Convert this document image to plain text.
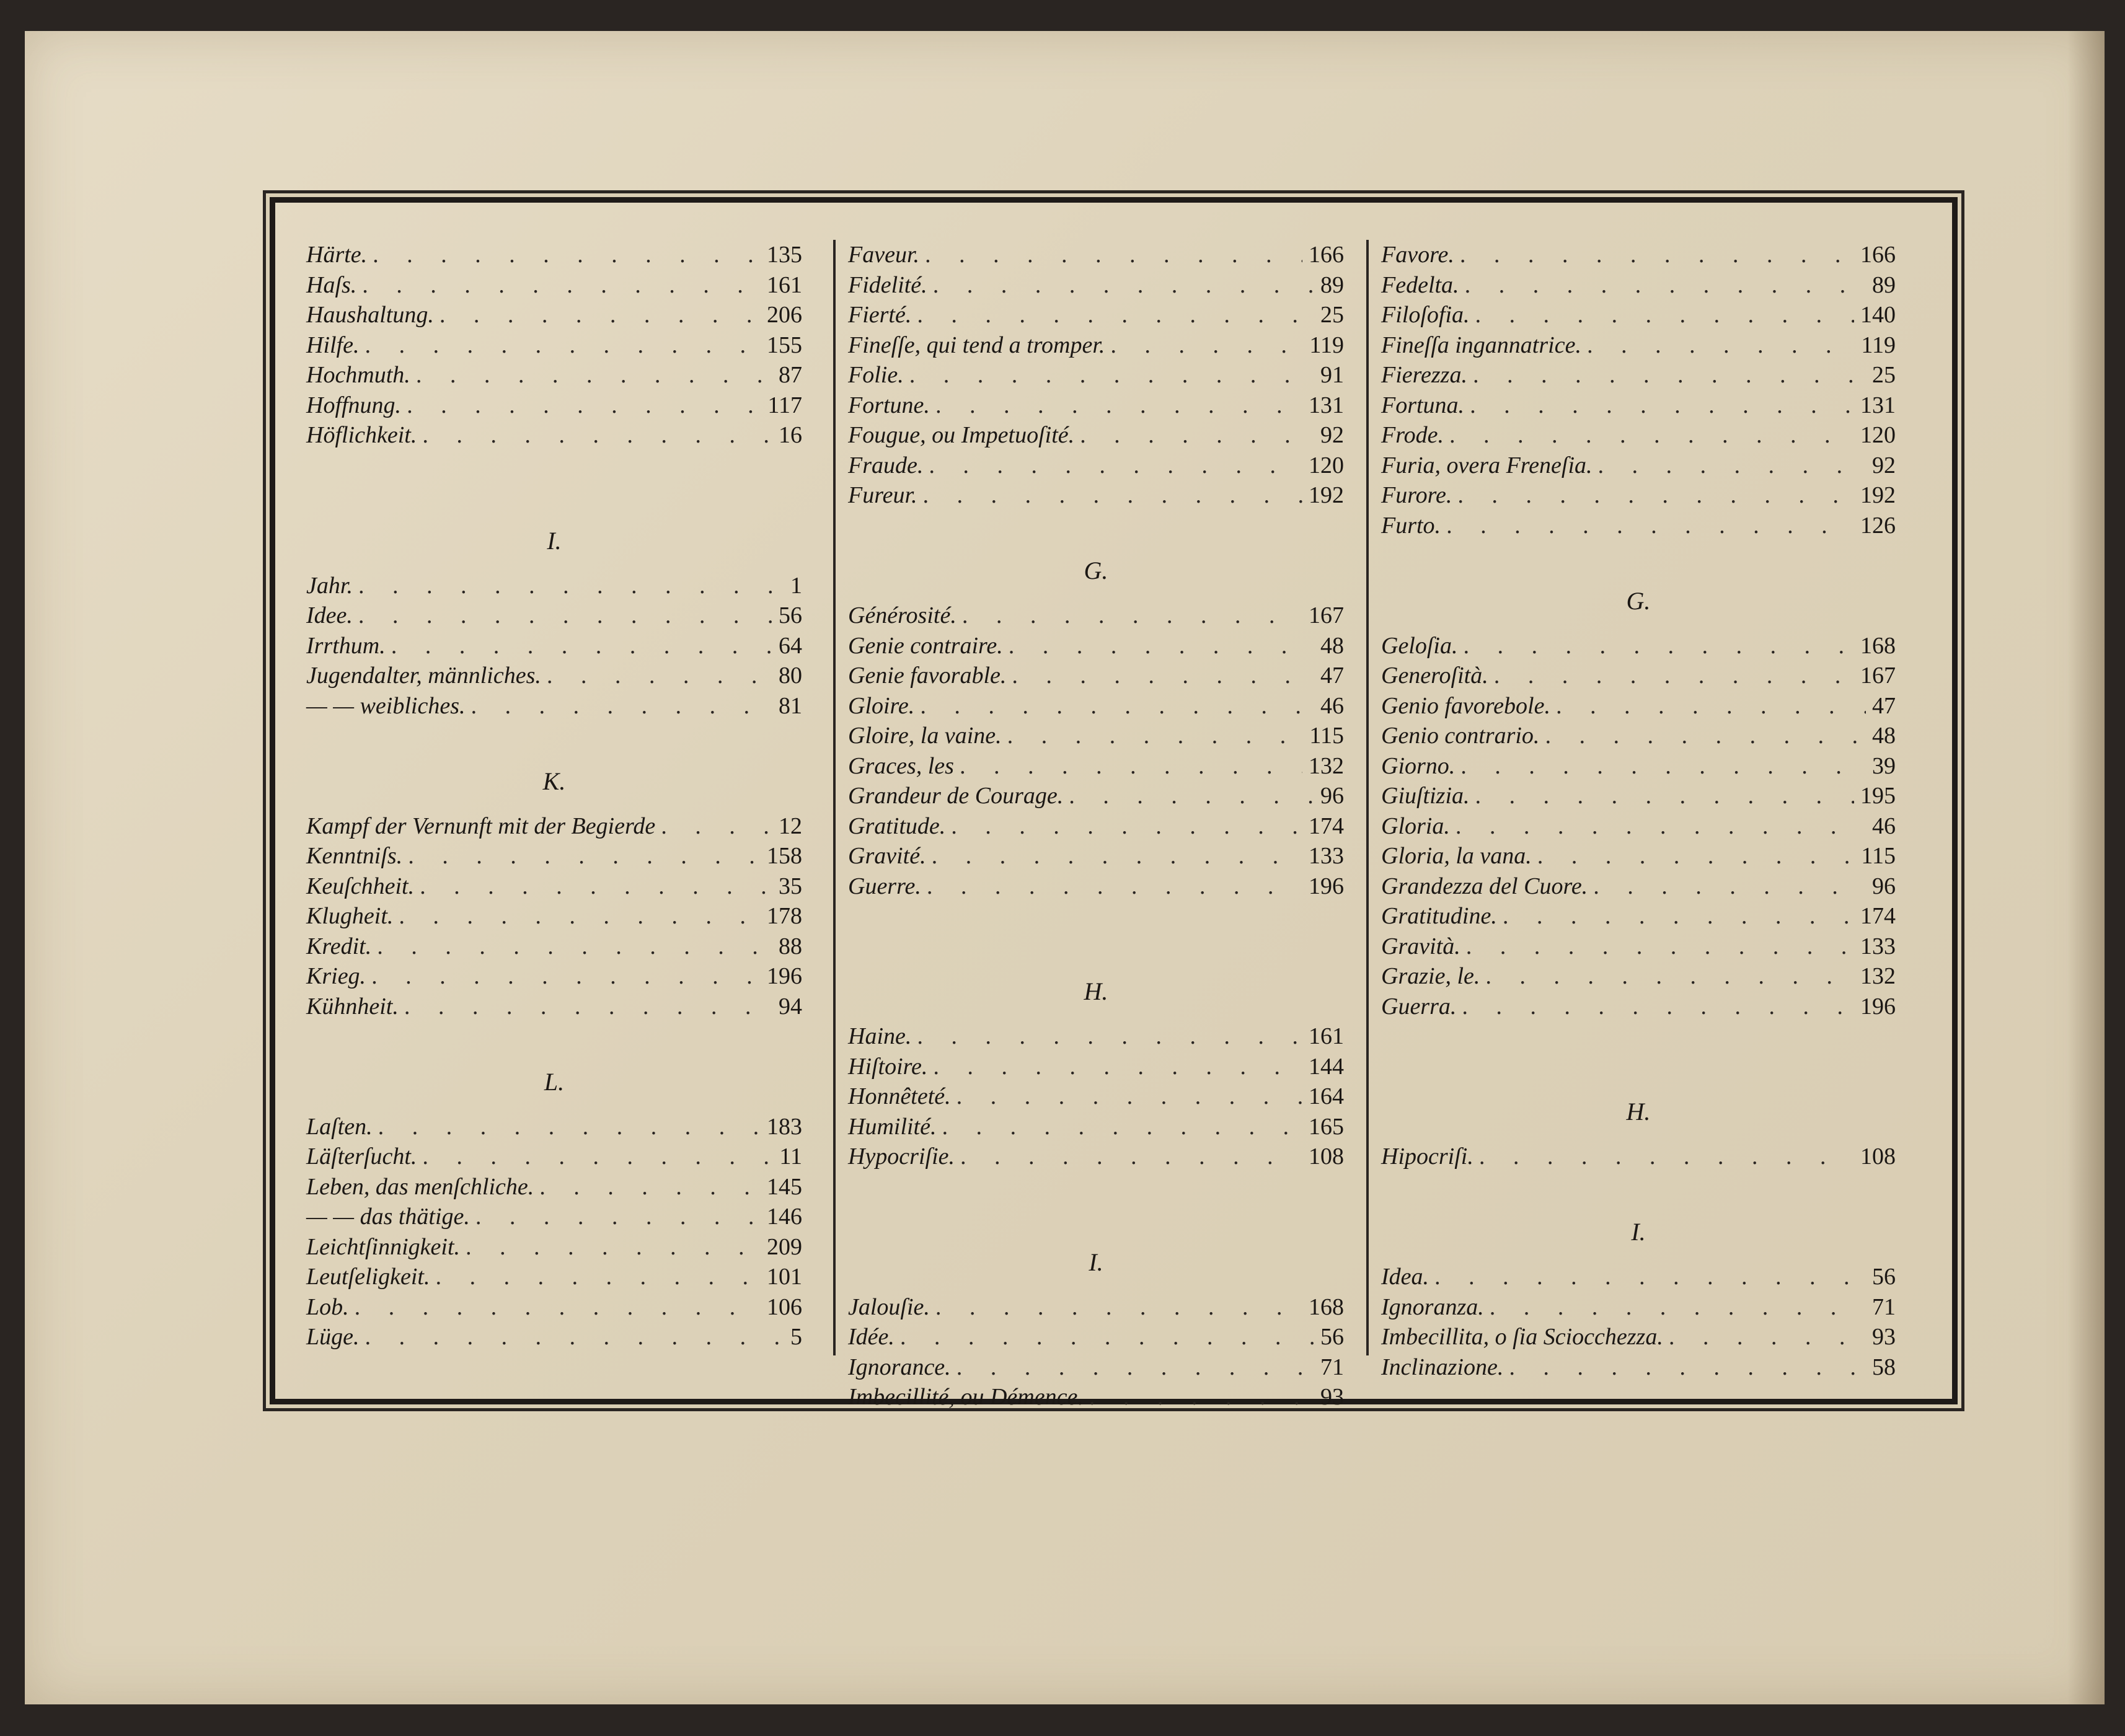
Härte. . . .	135
Haſs. . . .	161
Haushaltung. . . .	206
Hilfe. . . .	155
Hochmuth. . . .	87
Hoffnung. . . .	117
Höflichkeit. . . .	16
I.
Jahr. . . .	1
Idee. . . .	56
Irrthum. . . .	64
Jugendalter, männliches. . . .	80
— — weibliches. . . .	81
K.
Kampf der Vernunft mit der Begierde . . .	12
Kenntniſs. . . .	158
Keuſchheit. . . .	35
Klugheit. . . .	178
Kredit. . . .	88
Krieg. . . .	196
Kühnheit. . . .	94
L.
Laſten. . . .	183
Läſterſucht. . . .	11
Leben, das menſchliche. . . .	145
— — das thätige. . . .	146
Leichtſinnigkeit. . . .	209
Leutſeligkeit. . . .	101
Lob. . . .	106
Lüge. . . .	5
Faveur. . . .	166
Fidelité. . . .	89
Fierté. . . .	25
Fineſſe, qui tend a tromper. . . .	119
Folie. . . .	91
Fortune. . . .	131
Fougue, ou Impetuoſité. . . .	92
Fraude. . . .	120
Fureur. . . .	192
G.
Générosité. . . .	167
Genie contraire. . . .	48
Genie favorable. . . .	47
Gloire. . . .	46
Gloire, la vaine. . . .	115
Graces, les . . .	132
Grandeur de Courage. . . .	96
Gratitude. . . .	174
Gravité. . . .	133
Guerre. . . .	196
H.
Haine. . . .	161
Hiſtoire. . . .	144
Honnêteté. . . .	164
Humilité. . . .	165
Hypocriſie. . . .	108
I.
Jalouſie. . . .	168
Idée. . . .	56
Ignorance. . . .	71
Imbecillité, ou Démence. . . .	93
Favore. . . .	166
Fedelta. . . .	89
Filoſofia. . . .	140
Fineſſa ingannatrice. . . .	119
Fierezza. . . .	25
Fortuna. . . .	131
Frode. . . .	120
Furia, overa Freneſia. . . .	92
Furore. . . .	192
Furto. . . .	126
G.
Geloſia. . . .	168
Generoſità. . . .	167
Genio favorebole. . . .	47
Genio contrario. . . .	48
Giorno. . . .	39
Giuſtizia. . . .	195
Gloria. . . .	46
Gloria, la vana. . . .	115
Grandezza del Cuore. . . .	96
Gratitudine. . . .	174
Gravità. . . .	133
Grazie, le. . . .	132
Guerra. . . .	196
H.
Hipocriſi. . . .	108
I.
Idea. . . .	56
Ignoranza. . . .	71
Imbecillita, o ſia Sciocchezza. . . .	93
Inclinazione. . . .	58
